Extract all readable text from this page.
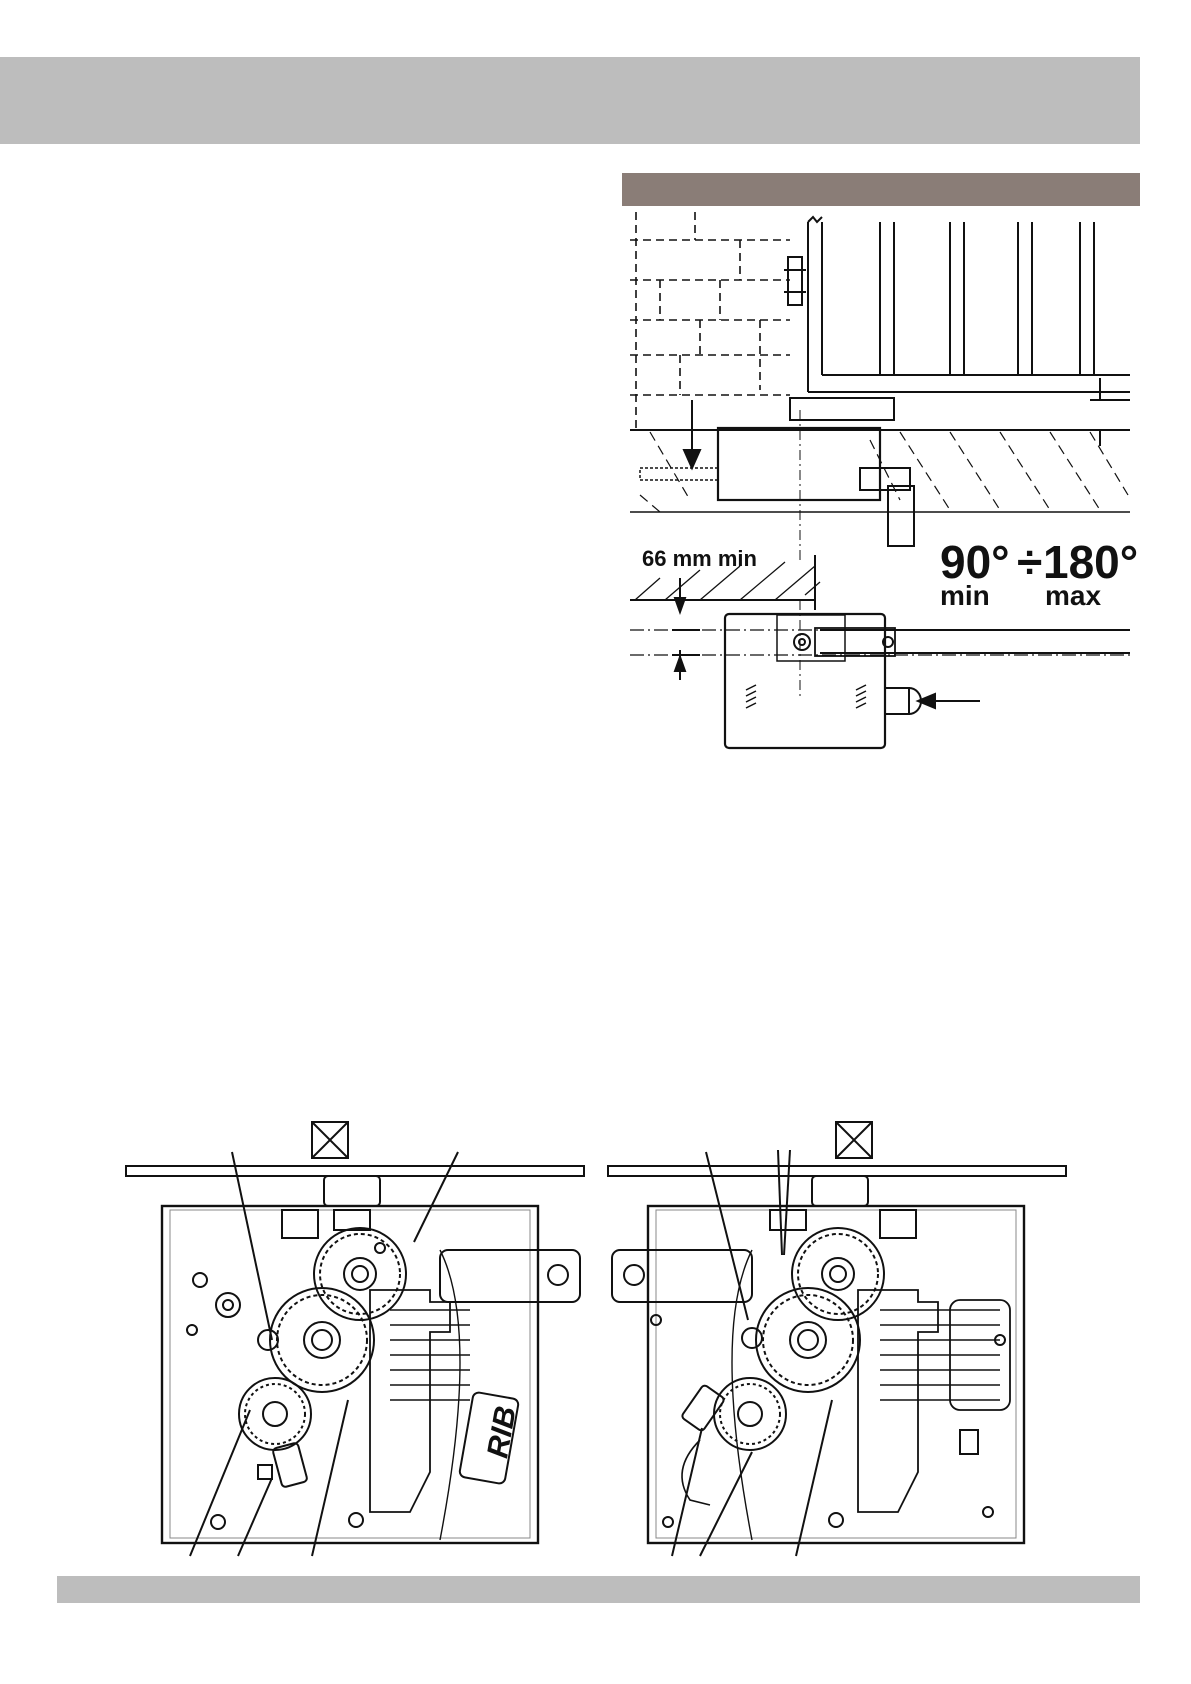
66 mm min	90° ÷ 180°
min max
RIB
